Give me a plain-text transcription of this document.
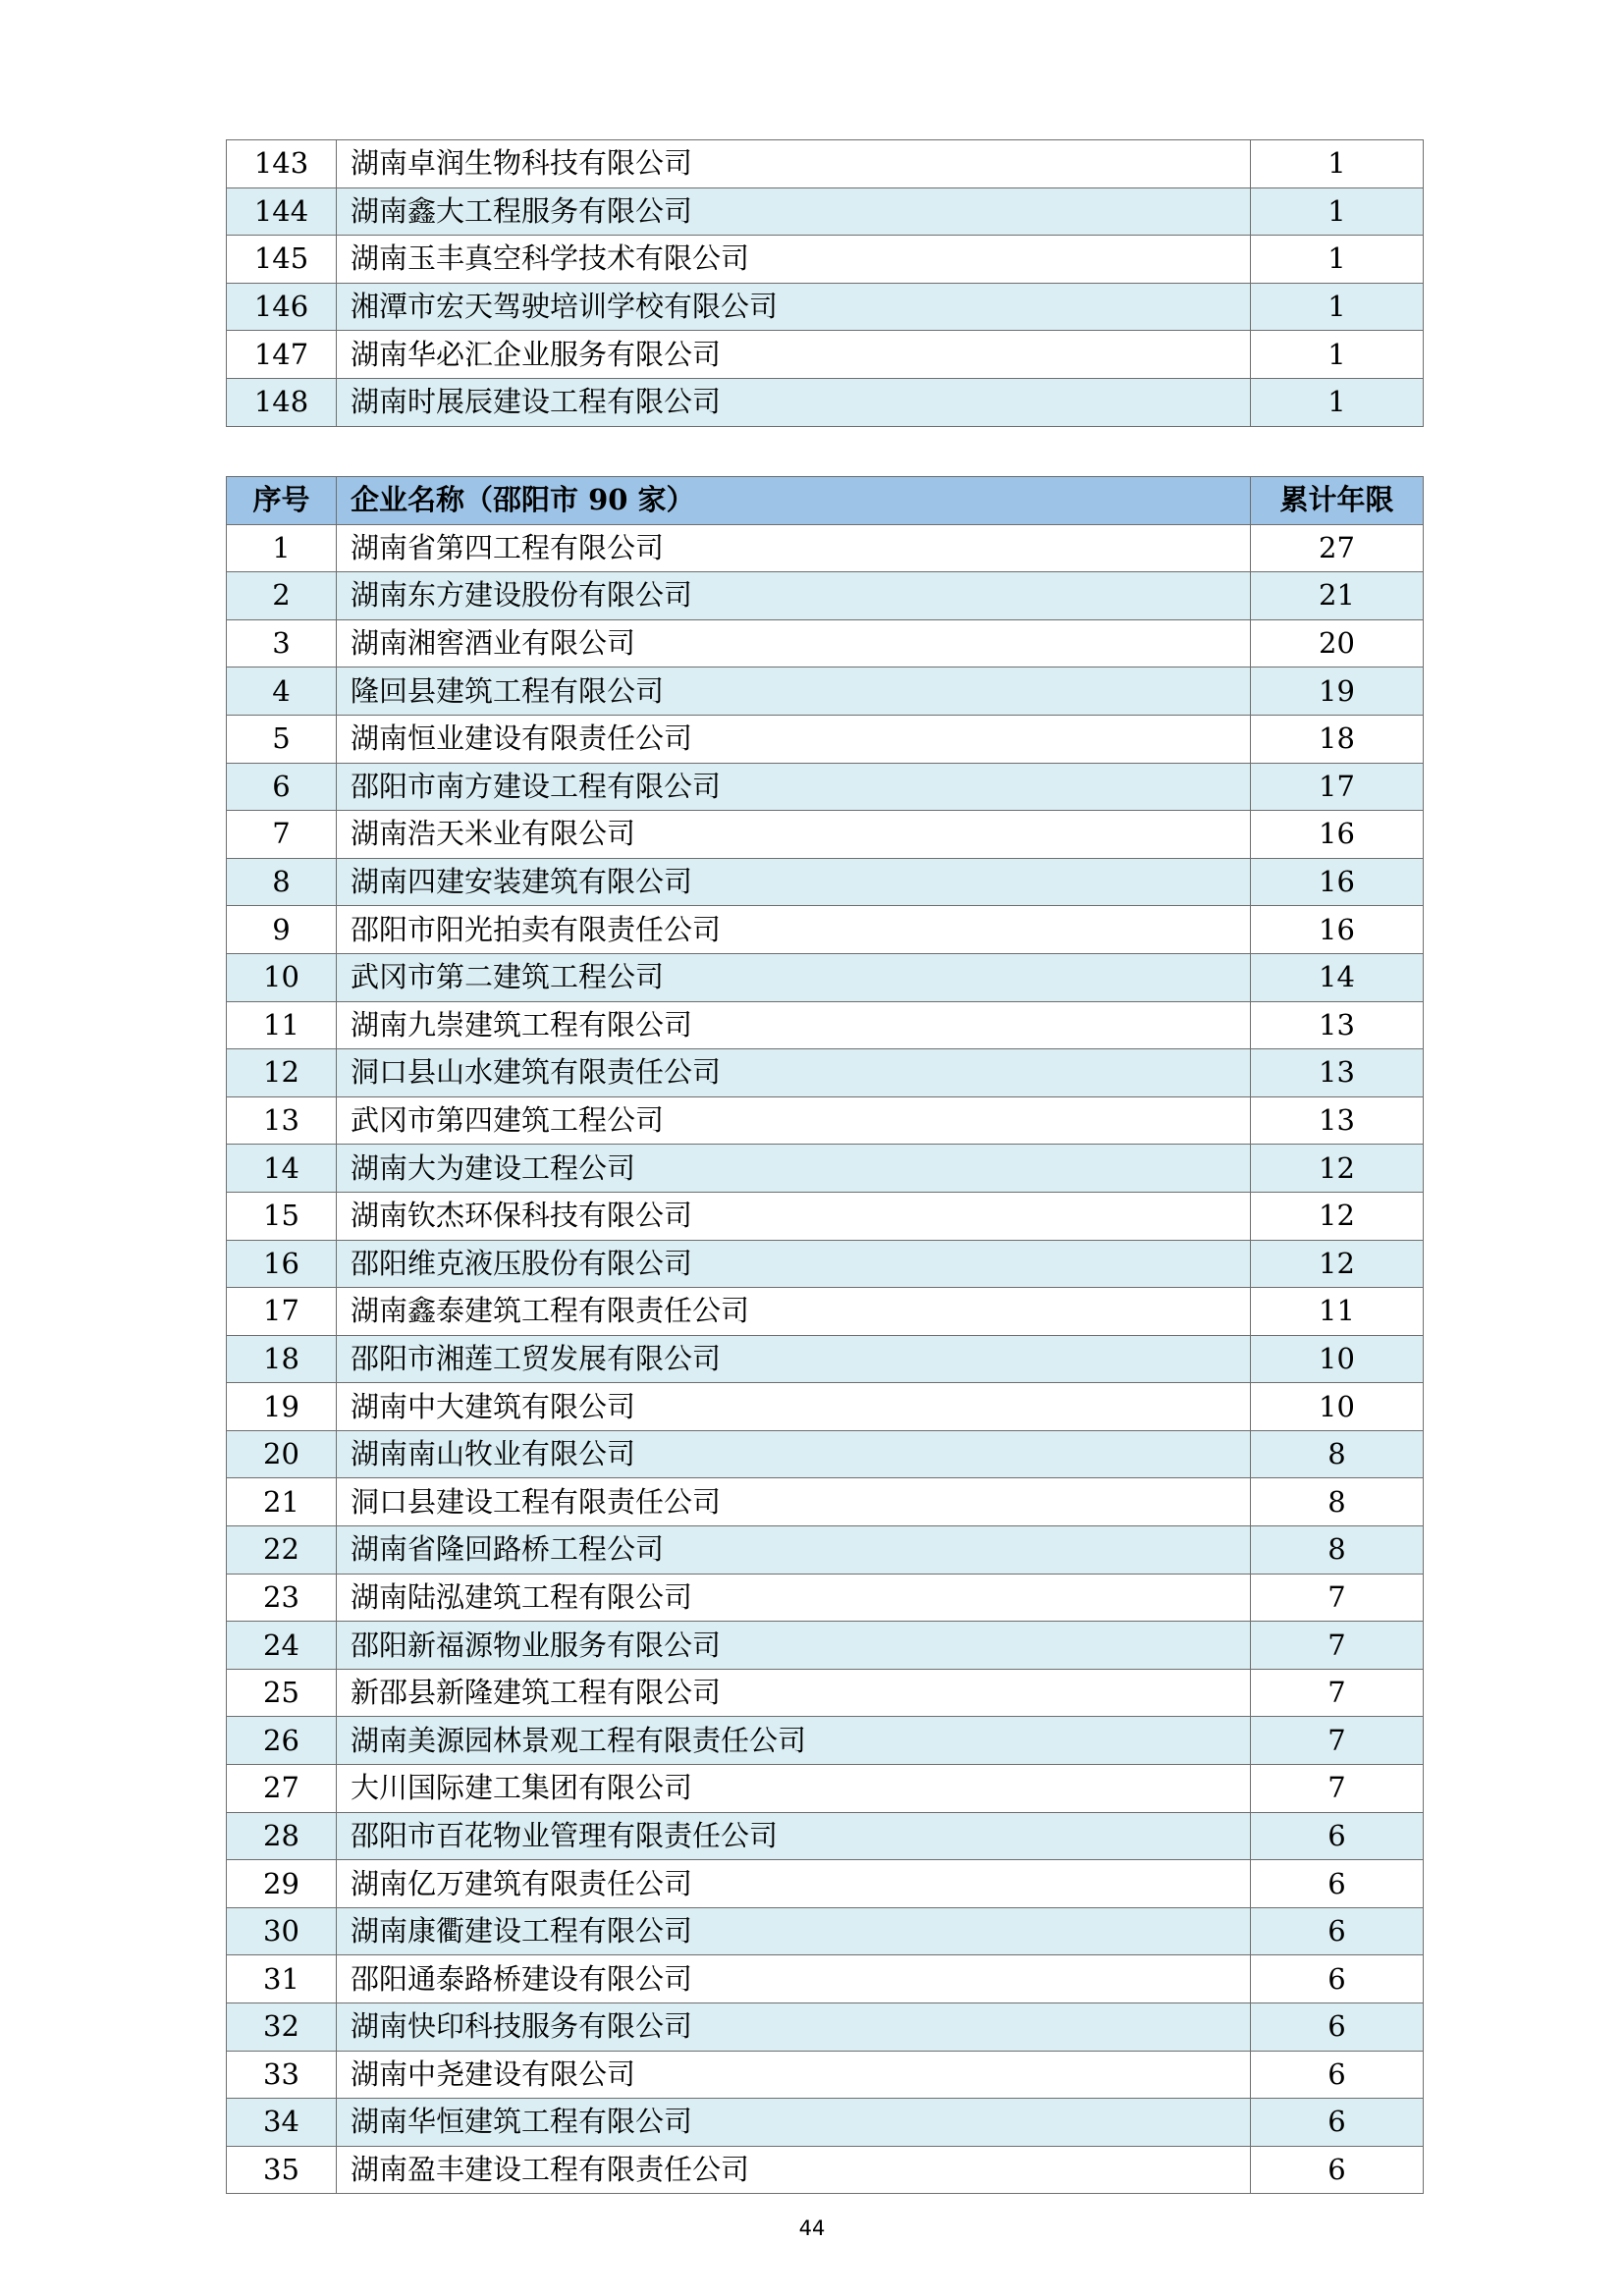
143	湖南卓润生物科技有限公司	1
144	湖南鑫大工程服务有限公司	1
145	湖南玉丰真空科学技术有限公司	1
146	湘潭市宏天驾驶培训学校有限公司	1
147	湖南华必汇企业服务有限公司	1
148	湖南时展辰建设工程有限公司	1
序号	企业名称（邵阳市 90 家）	累计年限
1	湖南省第四工程有限公司	27
2	湖南东方建设股份有限公司	21
3	湖南湘窖酒业有限公司	20
4	隆回县建筑工程有限公司	19
5	湖南恒业建设有限责任公司	18
6	邵阳市南方建设工程有限公司	17
7	湖南浩天米业有限公司	16
8	湖南四建安装建筑有限公司	16
9	邵阳市阳光拍卖有限责任公司	16
10	武冈市第二建筑工程公司	14
11	湖南九崇建筑工程有限公司	13
12	洞口县山水建筑有限责任公司	13
13	武冈市第四建筑工程公司	13
14	湖南大为建设工程公司	12
15	湖南钦杰环保科技有限公司	12
16	邵阳维克液压股份有限公司	12
17	湖南鑫泰建筑工程有限责任公司	11
18	邵阳市湘莲工贸发展有限公司	10
19	湖南中大建筑有限公司	10
20	湖南南山牧业有限公司	8
21	洞口县建设工程有限责任公司	8
22	湖南省隆回路桥工程公司	8
23	湖南陆泓建筑工程有限公司	7
24	邵阳新福源物业服务有限公司	7
25	新邵县新隆建筑工程有限公司	7
26	湖南美源园林景观工程有限责任公司	7
27	大川国际建工集团有限公司	7
28	邵阳市百花物业管理有限责任公司	6
29	湖南亿万建筑有限责任公司	6
30	湖南康衢建设工程有限公司	6
31	邵阳通泰路桥建设有限公司	6
32	湖南快印科技服务有限公司	6
33	湖南中尧建设有限公司	6
34	湖南华恒建筑工程有限公司	6
35	湖南盈丰建设工程有限责任公司	6
44
